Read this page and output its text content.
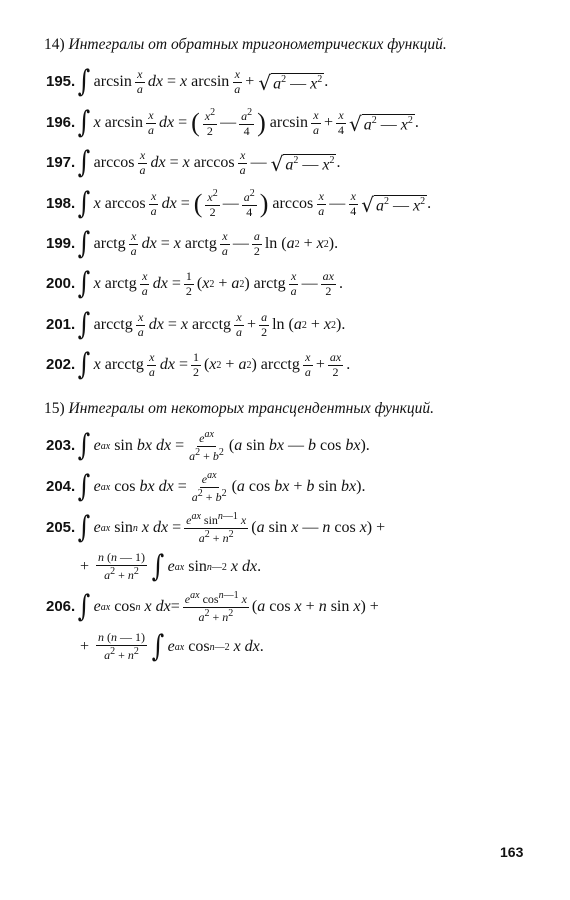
14) Интегралы от обратных тригонометрических функций.
195. ∫ $\arcsin \frac{x}{a}$ dx = x $\arcsin \frac{x}{a}$ + √ $a^2$ — $x^2$ .
196. ∫ x $\arcsin \frac{x}{a}$ dx = ( $\frac{x^2}{2}$ — $\frac{a^2}{4}$ ) $\arcsin \frac{x}{a} + \frac{x}{4}$ √ $a^2$ — $x^2$ .
197. ∫ $\arccos \frac{x}{a}$ dx = x $\arccos \frac{x}{a}$ — √ $a^2$ — $x^2$ .
198. ∫ x $\arccos \frac{x}{a}$ dx = ( $\frac{x^2}{2}$ — $\frac{a^2}{4}$ ) $\arccos \frac{x}{a}$ — $\frac{x}{4}$ √ $a^2$ — $x^2$ .
199. ∫ arctg $\frac{x}{a}$ dx = x arctg $\frac{x}{a}$ — $\frac{a}{2}$ ln ( a 2 + x 2 ).
200. ∫ x arctg $\frac{x}{a}$ dx = $\frac{1}{2}$ ( x 2 + a 2 ) arctg $\frac{x}{a}$ — $\frac{ax}{2}$ .
201. ∫ arcctg $\frac{x}{a}$ dx = x arcctg $\frac{x}{a} + \frac{a}{2}$ ln ( a 2 + x 2 ).
202. ∫ x arcctg $\frac{x}{a}$ dx = $\frac{1}{2}$ ( x 2 + a 2 ) arcctg $\frac{x}{a} + \frac{ax}{2}$ .
15) Интегралы от некоторых трансцендентных функций.
203. ∫ e ax sin bx
dx = $\frac{e^{ax}}{a^2 + b^2}$ ( a sin bx — b cos bx ).
204. ∫ e ax cos bx
dx = $\frac{e^{ax}}{a^2 + b^2}$ ( a cos bx + b sin bx ).
205. ∫ e ax sin n
x
dx = $\frac{e^{ax} \sin^{n—1} x}{a^2 + n^2}$ ( a sin x — n cos x ) +
+ $\frac{n (n — 1)}{a^2 + n^2}$ ∫ e ax sin n—2
x
dx .
206. ∫ e ax cos n
x
dx = $\frac{e^{ax} \cos^{n—1} x}{a^2 + n^2}$ ( a cos x + n sin x ) +
+ $\frac{n (n — 1)}{a^2 + n^2}$ ∫ e ax cos n—2
x
dx .
163
